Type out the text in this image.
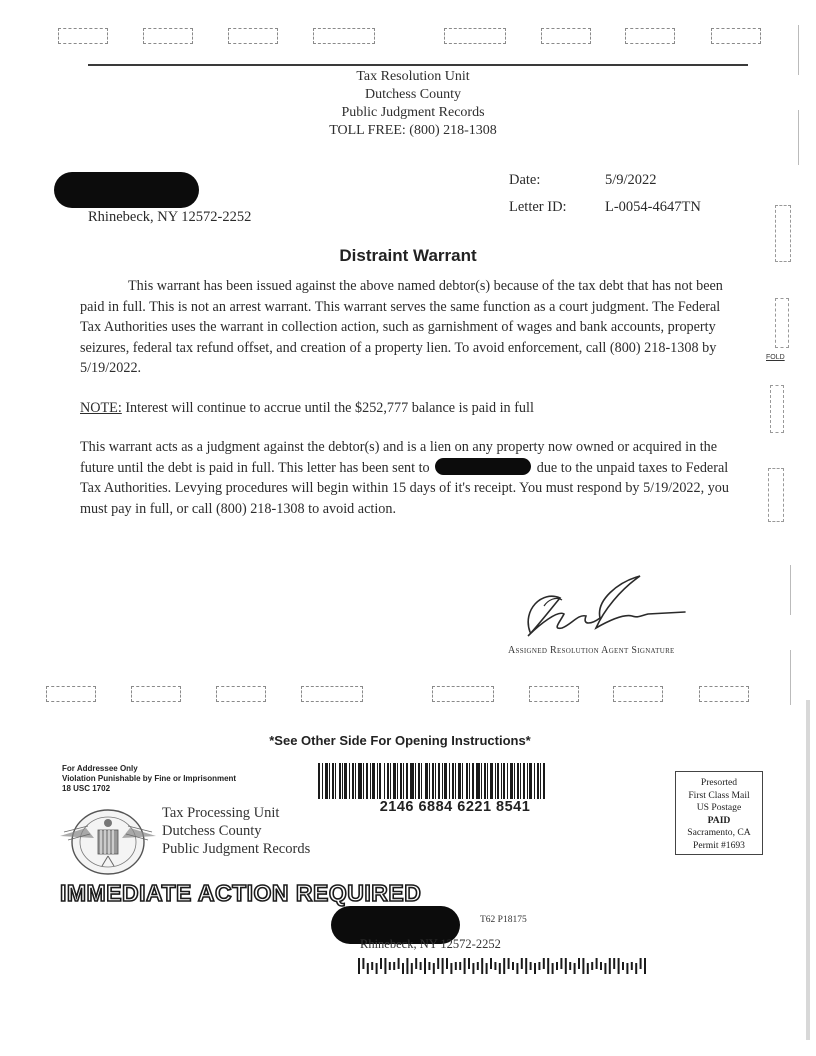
Tax Resolution Unit
Dutchess County
Public Judgment Records
TOLL FREE: (800) 218-1308
Rhinebeck, NY 12572-2252
Date:	5/9/2022
Letter ID:	L-0054-4647TN
Distraint Warrant
This warrant has been issued against the above named debtor(s) because of the tax debt that has not been paid in full. This is not an arrest warrant. This warrant serves the same function as a court judgment. The Federal Tax Authorities uses the warrant in collection action, such as garnishment of wages and bank accounts, property seizures, federal tax refund offset, and creation of a property lien. To avoid enforcement, call (800) 218-1308 by 5/19/2022.
NOTE: Interest will continue to accrue until the $252,777 balance is paid in full
This warrant acts as a judgment against the debtor(s) and is a lien on any property now owned or acquired in the future until the debt is paid in full. This letter has been sent to	due to the unpaid taxes to Federal Tax Authorities. Levying procedures will begin within 15 days of it's receipt. You must respond by 5/19/2022, you must pay in full, or call (800) 218-1308 to avoid action.
Assigned Resolution Agent Signature
FOLD
*See Other Side For Opening Instructions*
For Addressee Only
Violation Punishable by Fine or Imprisonment
18 USC 1702
2146 6884 6221 8541
Tax Processing Unit
Dutchess County
Public Judgment Records
Presorted
First Class Mail
US Postage
PAID
Sacramento, CA
Permit #1693
IMMEDIATE ACTION REQUIRED
T62 P18175
Rhinebeck, NY 12572-2252
